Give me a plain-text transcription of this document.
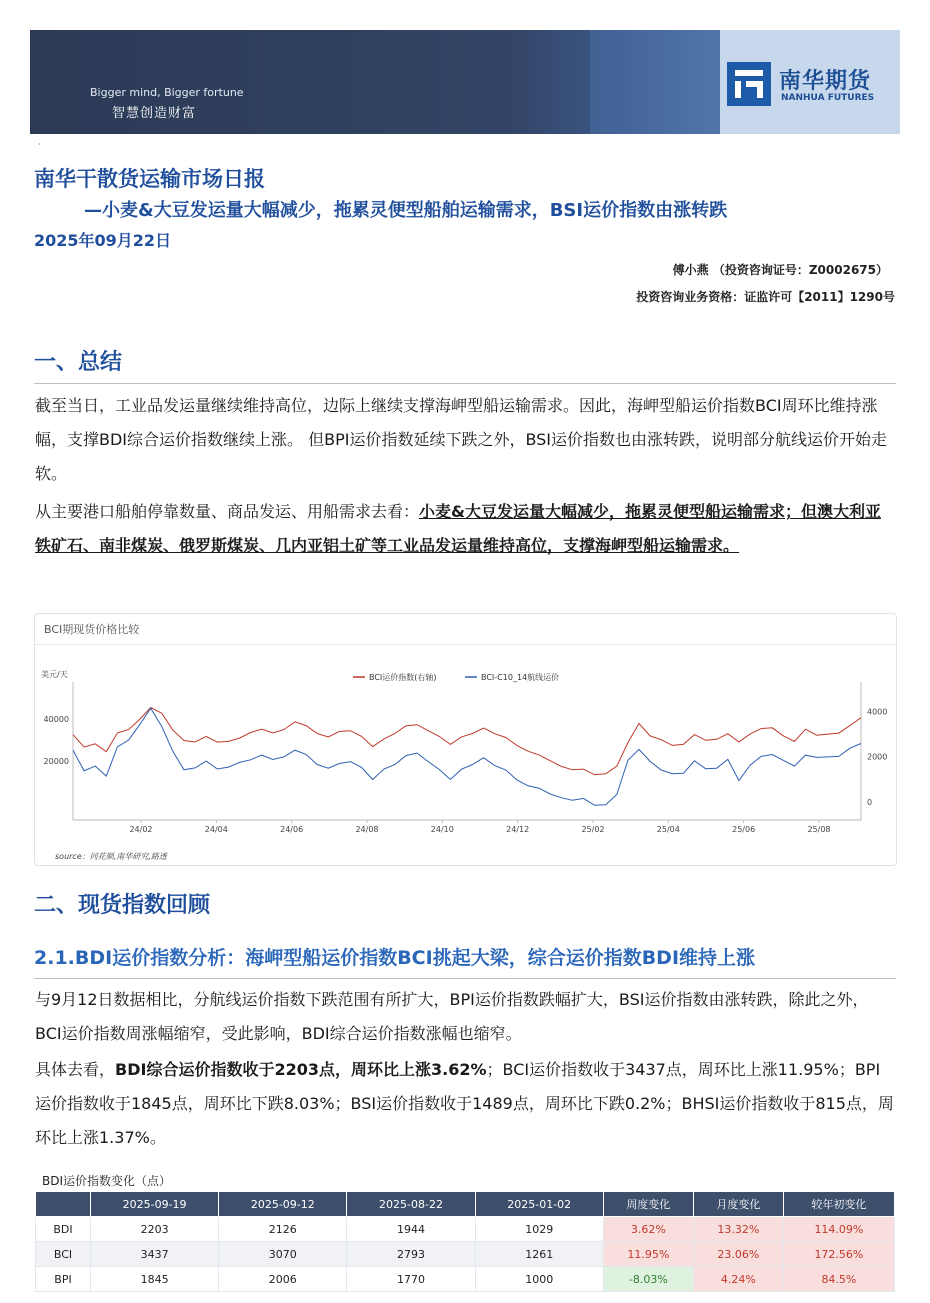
Bigger mind, Bigger fortune
智慧创造财富
南华期货
NANHUA FUTURES
·
南华干散货运输市场日报
—小麦&大豆发运量大幅减少，拖累灵便型船舶运输需求，BSI运价指数由涨转跌
2025年09月22日
傅小燕 （投资咨询证号：Z0002675）
投资咨询业务资格：证监许可【2011】1290号
一、总结
截至当日，工业品发运量继续维持高位，边际上继续支撑海岬型船运输需求。因此，海岬型船运价指数BCI周环比维持涨幅，支撑BDI综合运价指数继续上涨。 但BPI运价指数延续下跌之外，BSI运价指数也由涨转跌，说明部分航线运价开始走软。
从主要港口船舶停靠数量、商品发运、用船需求去看：小麦&大豆发运量大幅减少，拖累灵便型船运输需求；但澳大利亚铁矿石、南非煤炭、俄罗斯煤炭、几内亚铝土矿等工业品发运量维持高位，支撑海岬型船运输需求。
BCI期现货价格比较
美元/天
source：同花顺,南华研究,路透
BCI运价指数(右轴)	BCI-C10_14航线运价
20000
40000
0
2000
4000
24/02	24/04	24/06	24/08	24/10	24/12	25/02	25/04	25/06	25/08
二、现货指数回顾
2.1.BDI运价指数分析：海岬型船运价指数BCI挑起大梁，综合运价指数BDI维持上涨
与9月12日数据相比，分航线运价指数下跌范围有所扩大，BPI运价指数跌幅扩大，BSI运价指数由涨转跌，除此之外，BCI运价指数周涨幅缩窄，受此影响，BDI综合运价指数涨幅也缩窄。
具体去看，BDI综合运价指数收于2203点，周环比上涨3.62%；BCI运价指数收于3437点，周环比上涨11.95%；BPI运价指数收于1845点，周环比下跌8.03%；BSI运价指数收于1489点，周环比下跌0.2%；BHSI运价指数收于815点，周环比上涨1.37%。
BDI运价指数变化（点）
	2025-09-19	2025-09-12	2025-08-22	2025-01-02	周度变化	月度变化	较年初变化
BDI	2203	2126	1944	1029	3.62%	13.32%	114.09%
BCI	3437	3070	2793	1261	11.95%	23.06%	172.56%
BPI	1845	2006	1770	1000	-8.03%	4.24%	84.5%
